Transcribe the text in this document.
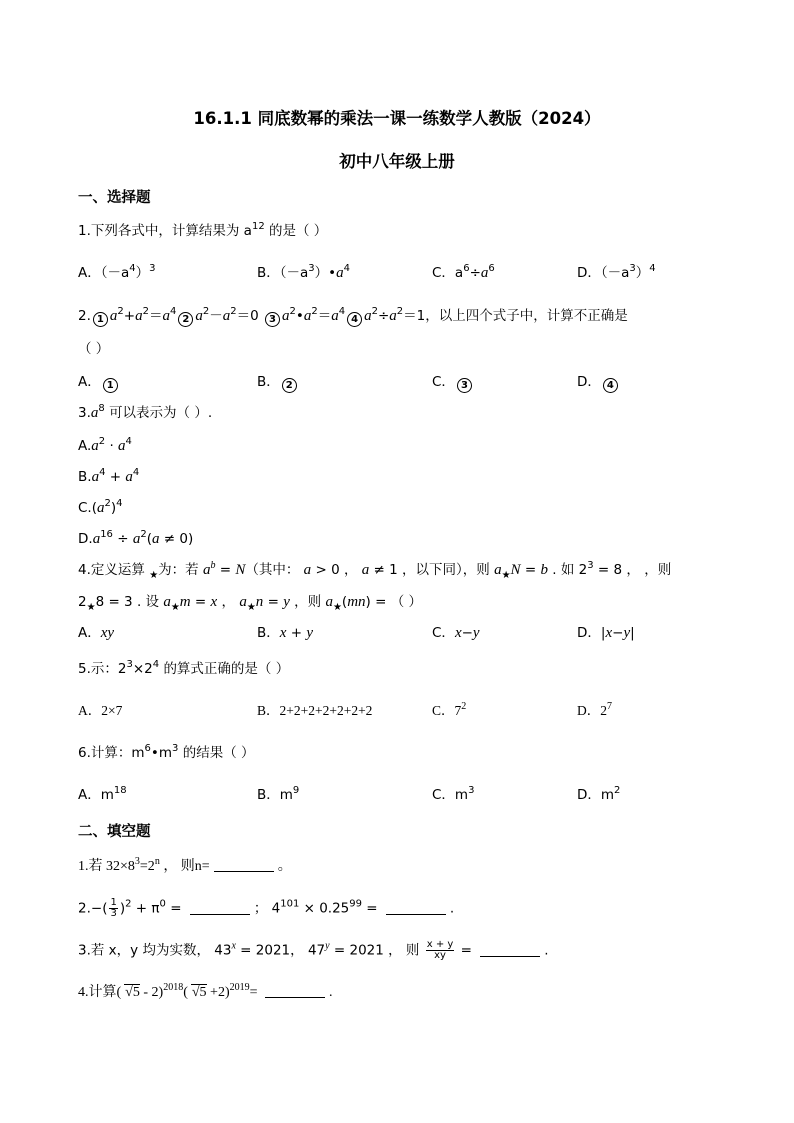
16.1.1 同底数幂的乘法一课一练数学人教版（2024）
初中八年级上册
一、选择题
1.下列各式中，计算结果为 $a^{12}$ 的是（ ）
A．$(-a^4)^3$	B．$(-a^3)•a^4$	C．$a^6\div a^6$	D．$(-a^3)^4$
2. 1 $a^2+a^2=a^42$ $a^2-a^2=0$ 3 $a^2•a^2=a^44$ $a^2\div a^2=1$，以上四个式子中，计算不正确是
（ ）
A． 1	B． 2	C． 3	D． 4
$3.a^8$ 可以表示为（ ）.
$A.a^2 \cdot a^4$
$B.a^4 + a^4$
$C.(a^2)^4$
$D.a^{16} \div a^2(a \ne 0)$
4.定义运算 $_★$为：若 $a^b = N$（其中： a > 0 ， a ≠ 1 ，以下同），则 $a_★N = b$ . 如 $2^3 = 8$ ， ，则
$2_★8 = 3$ . 设 $a_★m = x$ ， $a_★n = y$ ，则 $a_★(mn)$ = （ ）
A．xy	B．x + y	C．x−y	D．|x−y|
5.示：$2^3\times 2^4$ 的算式正确的是（ ）
A．2×7	B．2+2+2+2+2+2+2	C．$7^2$	D．$2^7$
6.计算：$m^6•m^3$ 的结果（ ）
A．$m^{18}$	B．$m^9$	C．$m^3$	D．$m^2$
二、填空题
1.若 $32\times 8^3=2^n$ ， 则n=	。
$2.-( \frac{1}{3} )^2 + \pi^0$ =	； $4^{101} \times 0.25^{99}$ =	.
3.若 x，y 均为实数， $43^x = 2021$， $47^y = 2021$ ， 则 $\frac{x + y}{xy}$ =	.
4.计算( √5 - 2)$^{2018}$( √5 +2)$^{2019}$=	.
